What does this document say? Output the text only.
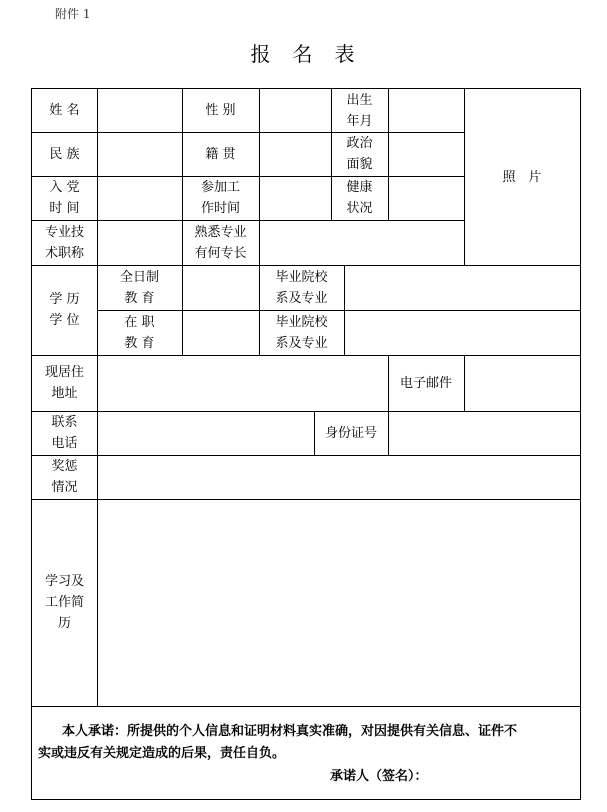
附件 1
报名表
姓 名	性 别
出生
年月
照　片
民 族	籍 贯
政治
面貌
入 党
时 间
参加工
作时间
健康
状况
专业技
术职称
熟悉专业
有何专长
学 历
学 位
全日制
教 育
毕业院校
系及专业
在 职
教 育
毕业院校
系及专业
现居住
地址
电子邮件
联系
电话
身份证号
奖惩
情况
学习及
工作简
历
本人承诺：所提供的个人信息和证明材料真实准确，对因提供有关信息、证件不
实或违反有关规定造成的后果，责任自负。
承诺人（签名）：
